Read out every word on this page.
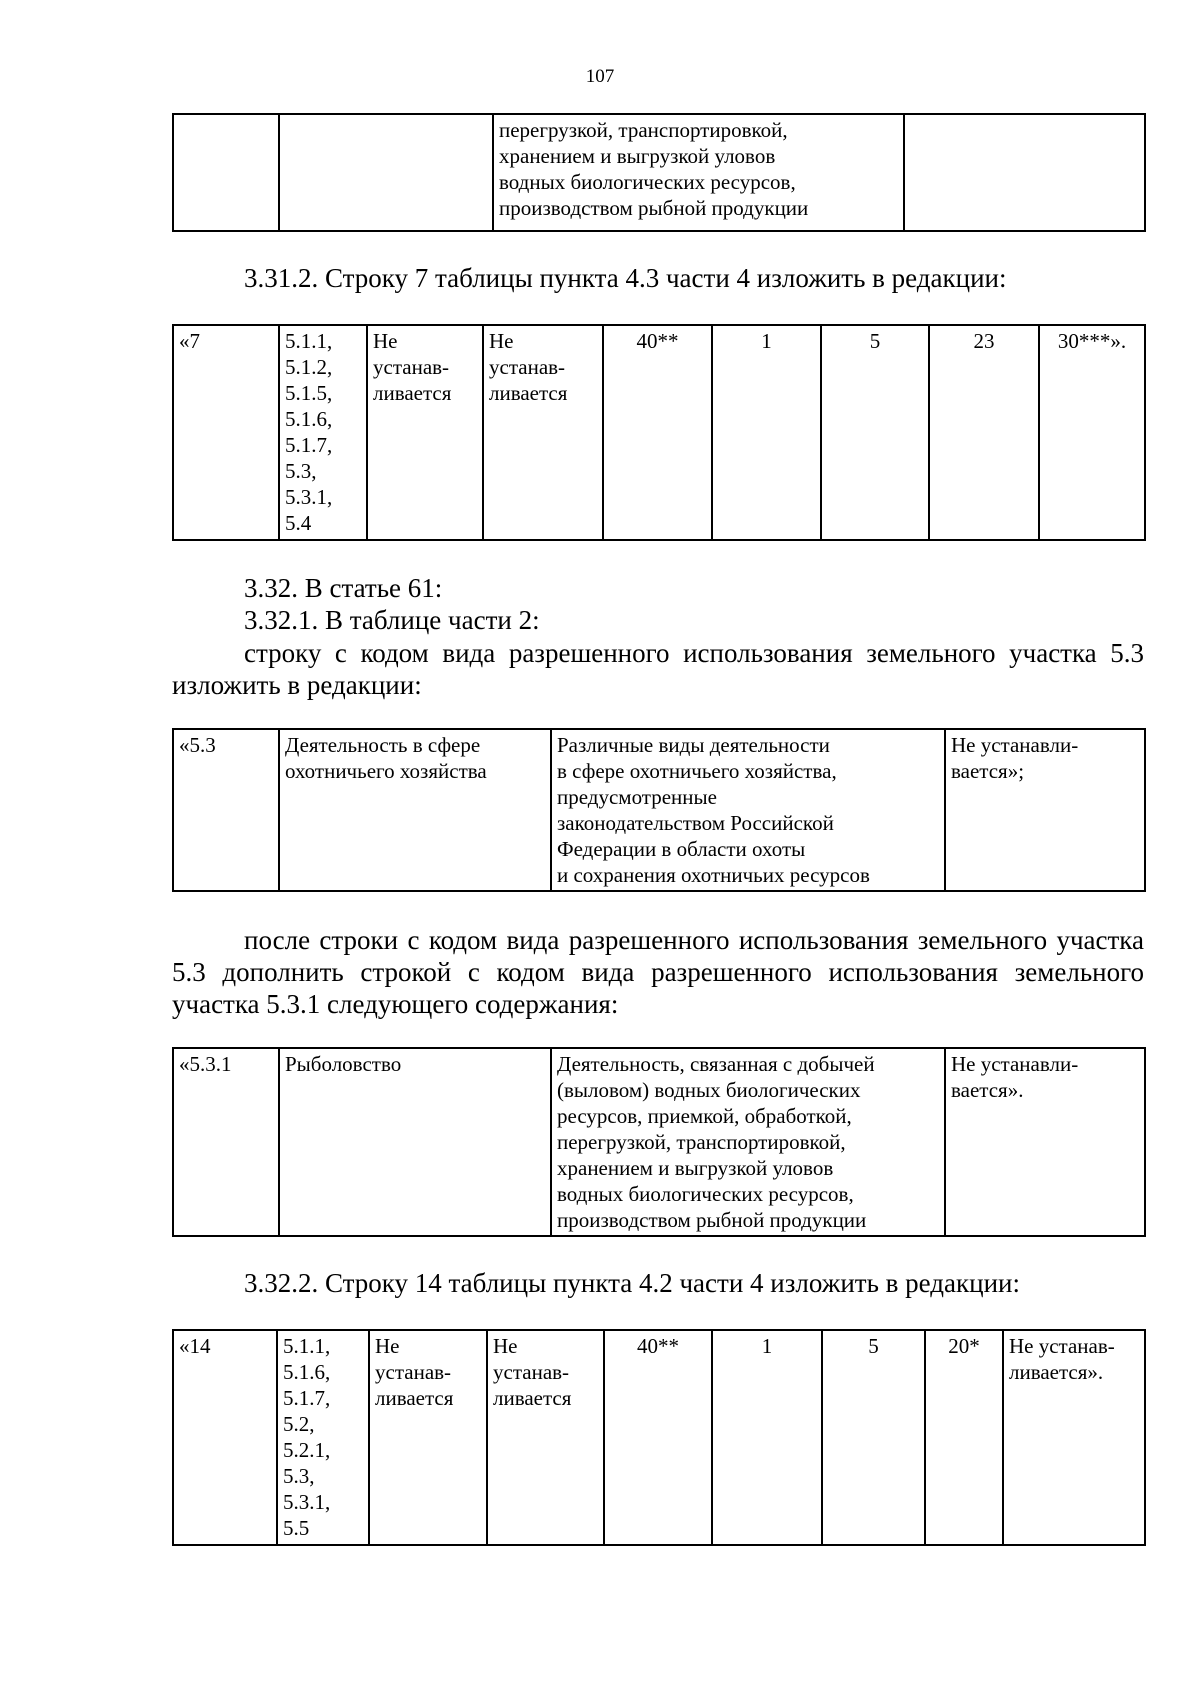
107
		перегрузкой, транспортировкой,
хранением и выгрузкой уловов
водных биологических ресурсов,
производством рыбной продукции	
3.31.2. Строку 7 таблицы пункта 4.3 части 4 изложить в редакции:
«7	5.1.1,
5.1.2,
5.1.5,
5.1.6,
5.1.7,
5.3,
5.3.1,
5.4	Не
устанав-
ливается	Не
устанав-
ливается	40**	1	5	23	30***».
3.32. В статье 61:
3.32.1. В таблице части 2:
строку с кодом вида разрешенного использования земельного участка 5.3
изложить в редакции:
«5.3	Деятельность в сфере
охотничьего хозяйства	Различные виды деятельности
в сфере охотничьего хозяйства,
предусмотренные
законодательством Российской
Федерации в области охоты
и сохранения охотничьих ресурсов	Не устанавли-
вается»;
после строки с кодом вида разрешенного использования земельного участка 5.3 дополнить строкой с кодом вида разрешенного использования земельного участка 5.3.1 следующего содержания:
«5.3.1	Рыболовство	Деятельность, связанная с добычей
(выловом) водных биологических
ресурсов, приемкой, обработкой,
перегрузкой, транспортировкой,
хранением и выгрузкой уловов
водных биологических ресурсов,
производством рыбной продукции	Не устанавли-
вается».
3.32.2. Строку 14 таблицы пункта 4.2 части 4 изложить в редакции:
«14	5.1.1,
5.1.6,
5.1.7,
5.2,
5.2.1,
5.3,
5.3.1,
5.5	Не
устанав-
ливается	Не
устанав-
ливается	40**	1	5	20*	Не устанав-
ливается».
